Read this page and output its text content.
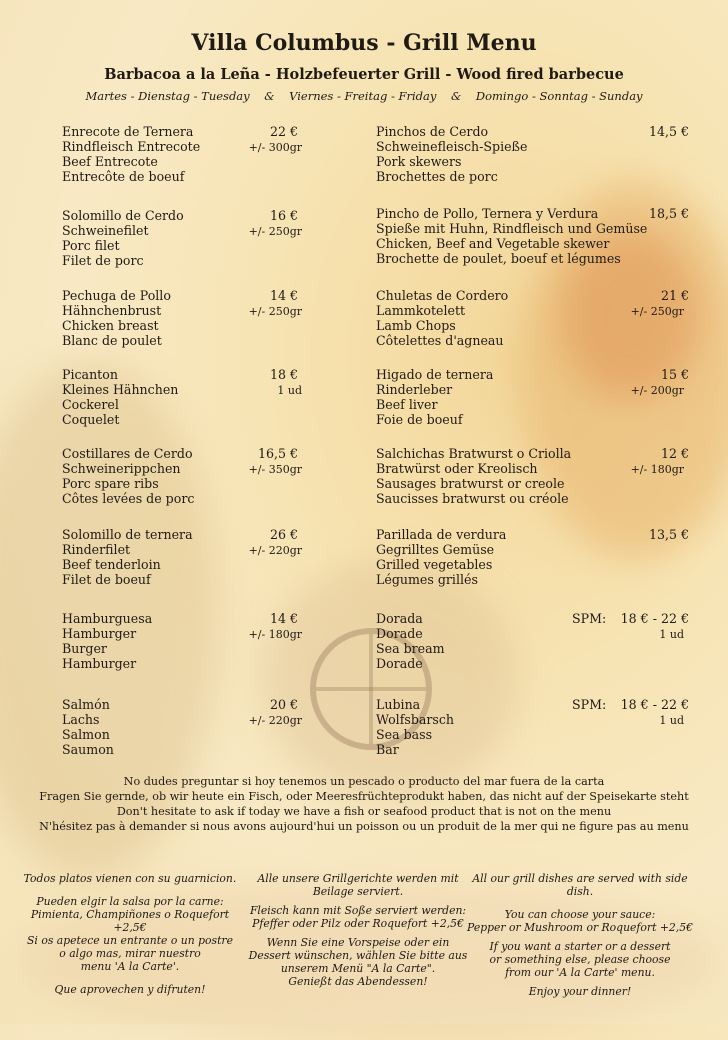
Villa Columbus - Grill Menu
Barbacoa a la Leña - Holzbefeuerter Grill - Wood fired barbecue
Martes - Dienstag - Tuesday    &    Viernes - Freitag - Friday    &    Domingo - Sonntag - Sunday
Enrecote de Ternera
Rindfleisch Entrecote
Beef Entrecote
Entrecôte de boeuf
22 €
+/- 300gr
Solomillo de Cerdo
Schweinefilet
Porc filet
Filet de porc
16 €
+/- 250gr
Pechuga de Pollo
Hähnchenbrust
Chicken breast
Blanc de poulet
14 €
+/- 250gr
Picanton
Kleines Hähnchen
Cockerel
Coquelet
18 €
1 ud
Costillares de Cerdo
Schweinerippchen
Porc spare ribs
Côtes levées de porc
16,5 €
+/- 350gr
Solomillo de ternera
Rinderfilet
Beef tenderloin
Filet de boeuf
26 €
+/- 220gr
Hamburguesa
Hamburger
Burger
Hamburger
14 €
+/- 180gr
Salmón
Lachs
Salmon
Saumon
20 €
+/- 220gr
Pinchos de Cerdo
Schweinefleisch-Spieße
Pork skewers
Brochettes de porc
14,5 €
Pincho de Pollo, Ternera y Verdura
Spieße mit Huhn, Rindfleisch und Gemüse
Chicken, Beef and Vegetable skewer
Brochette de poulet, boeuf et légumes
18,5 €
Chuletas de Cordero
Lammkotelett
Lamb Chops
Côtelettes d'agneau
21 €
+/- 250gr
Higado de ternera
Rinderleber
Beef liver
Foie de boeuf
15 €
+/- 200gr
Salchichas Bratwurst o Criolla
Bratwürst oder Kreolisch
Sausages bratwurst or creole
Saucisses bratwurst ou créole
12 €
+/- 180gr
Parillada de verdura
Gegrilltes Gemüse
Grilled vegetables
Légumes grillés
13,5 €
Dorada
Dorade
Sea bream
Dorade
18 € - 22 €
SPM:
1 ud
Lubina
Wolfsbarsch
Sea bass
Bar
18 € - 22 €
SPM:
1 ud
No dudes preguntar si hoy tenemos un pescado o producto del mar fuera de la carta
Fragen Sie gernde, ob wir heute ein Fisch, oder Meeresfrüchteprodukt haben, das nicht auf der Speisekarte steht
Don't hesitate to ask if today we have a fish or seafood product that is not on the menu
N'hésitez pas à demander si nous avons aujourd'hui un poisson ou un produit de la mer qui ne figure pas au menu
Todos platos vienen con su guarnicion.
Pueden elgir la salsa por la carne:
Pimienta, Champiñones o Roquefort +2,5€
Si os apetece un entrante o un postre
o algo mas, mirar nuestro
menu 'A la Carte'.
Que aprovechen y difruten!
Alle unsere Grillgerichte werden mit
Beilage serviert.
Fleisch kann mit Soße serviert werden:
Pfeffer oder Pilz oder Roquefort +2,5€
Wenn Sie eine Vorspeise oder ein
Dessert wünschen, wählen Sie bitte aus
unserem Menü "A la Carte".
Genießt das Abendessen!
All our grill dishes are served with side dish.
You can choose your sauce:
Pepper or Mushroom or Roquefort +2,5€
If you want a starter or a dessert
or something else, please choose
from our 'A la Carte' menu.
Enjoy your dinner!
